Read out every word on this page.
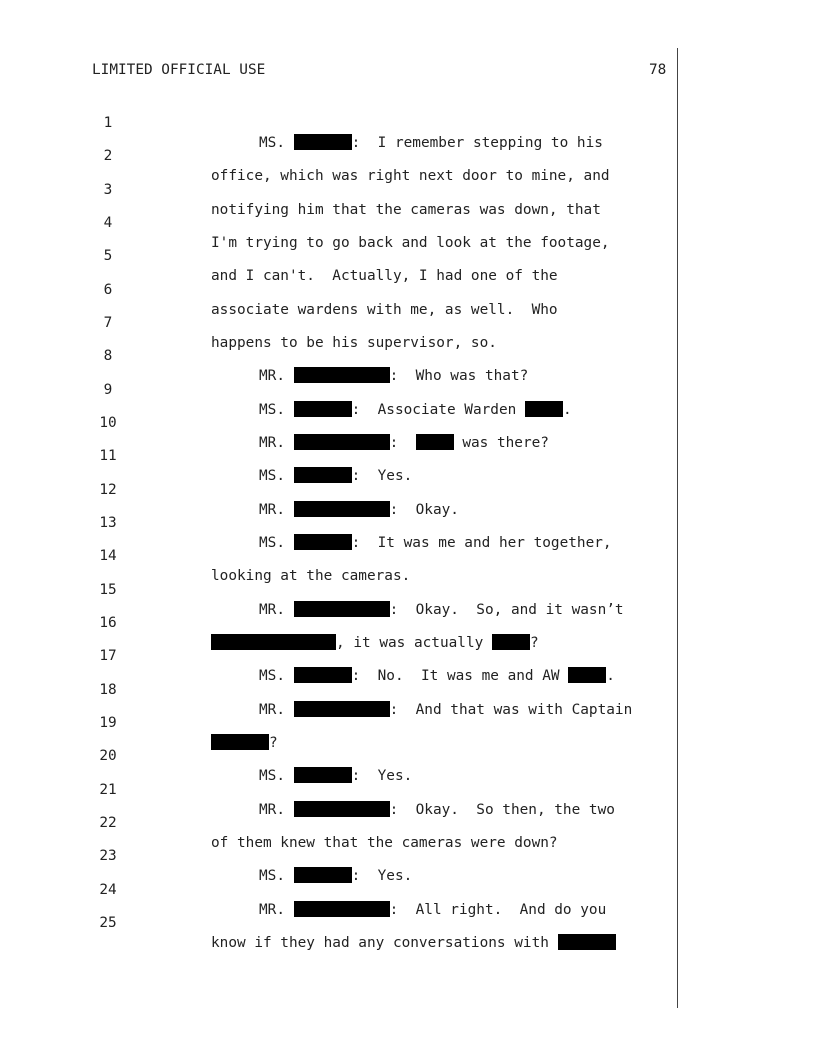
LIMITED OFFICIAL USE	78

1

MS.	:  I remember stepping to his

2

office, which was right next door to mine, and

3

notifying him that the cameras was down, that

4

I'm trying to go back and look at the footage,

5

and I can't.  Actually, I had one of the

6

associate wardens with me, as well.  Who

7

happens to be his supervisor, so.

8

MR.	:  Who was that?

9

MS.	:  Associate Warden	.

10

MR.	:	was there?

11

MS.	:  Yes.

12

MR.	:  Okay.

13

MS.	:  It was me and her together,

14

looking at the cameras.

15

MR.	:  Okay.  So, and it wasn’t

16

, it was actually	?

17

MS.	:  No.  It was me and AW	.

18

MR.	:  And that was with Captain

19

?

20

MS.	:  Yes.

21

MR.	:  Okay.  So then, the two

22

of them knew that the cameras were down?

23

MS.	:  Yes.

24

MR.	:  All right.  And do you

25

know if they had any conversations with
